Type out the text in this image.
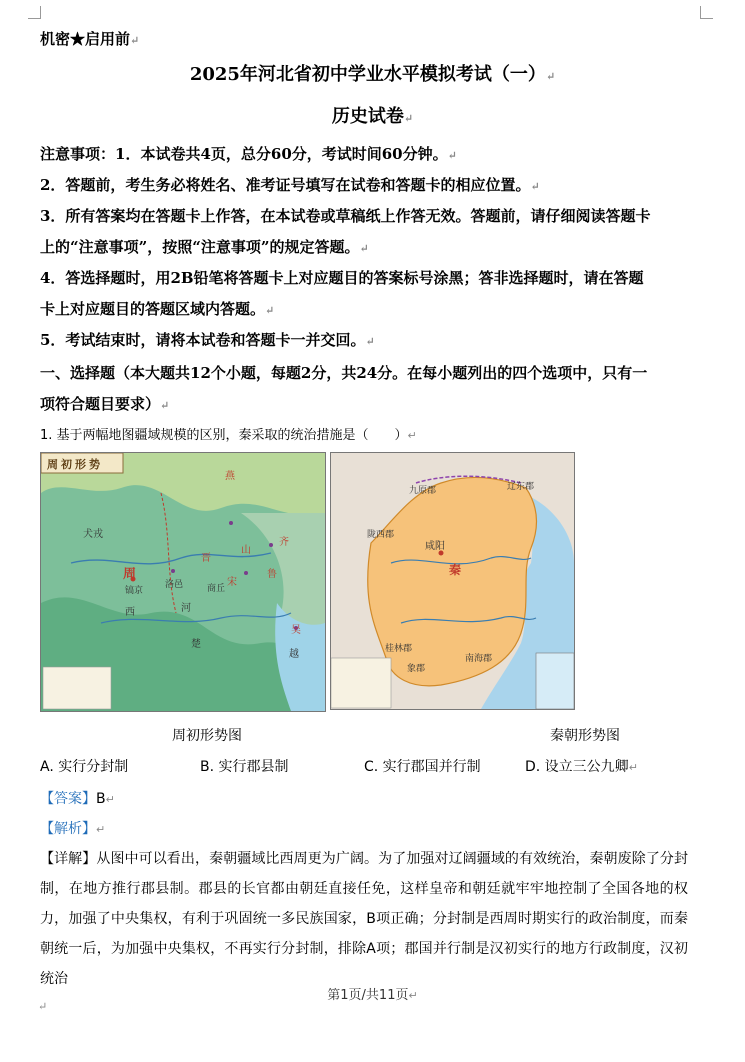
机密★启用前↵
2025年河北省初中学业水平模拟考试（一）↵
历史试卷↵
注意事项：1．本试卷共4页，总分60分，考试时间60分钟。↵
2．答题前，考生务必将姓名、准考证号填写在试卷和答题卡的相应位置。↵
3．所有答案均在答题卡上作答，在本试卷或草稿纸上作答无效。答题前，请仔细阅读答题卡
上的“注意事项”，按照“注意事项”的规定答题。↵
4．答选择题时，用2B铅笔将答题卡上对应题目的答案标号涂黑；答非选择题时，请在答题
卡上对应题目的答题区域内答题。↵
5．考试结束时，请将本试卷和答题卡一并交回。↵
一、选择题（本大题共12个小题，每题2分，共24分。在每小题列出的四个选项中，只有一
项符合题目要求）↵
1. 基于两幅地图疆域规模的区别，秦采取的统治措施是（　　）↵
周初形势
犬戎
周
镐京
洛邑
西
山
晋
齐
鲁
宋
商丘
燕
楚
越
吴
河
九原郡	辽东郡
陇西郡
咸阳
秦
桂林郡
象郡
南海郡
周初形势图	秦朝形势图
A. 实行分封制	B. 实行郡县制	C. 实行郡国并行制	D. 设立三公九卿↵
【答案】B↵
【解析】↵
【详解】从图中可以看出，秦朝疆域比西周更为广阔。为了加强对辽阔疆域的有效统治，秦朝废除了分封制，在地方推行郡县制。郡县的长官都由朝廷直接任免，这样皇帝和朝廷就牢牢地控制了全国各地的权力，加强了中央集权，有利于巩固统一多民族国家，B项正确；分封制是西周时期实行的政治制度，而秦朝统一后，为加强中央集权，不再实行分封制，排除A项；郡国并行制是汉初实行的地方行政制度，汉初统治
第1页/共11页↵
↵
